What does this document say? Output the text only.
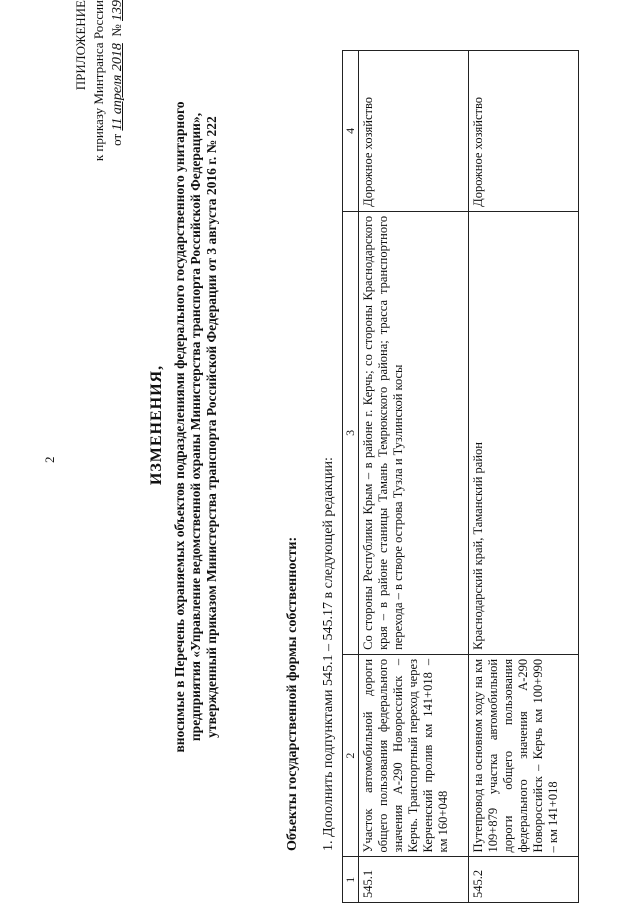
2
ПРИЛОЖЕНИЕ к приказу Минтранса России от 11 апреля 2018  № 139
ИЗМЕНЕНИЯ, вносимые в Перечень охраняемых объектов подразделениями федерального государственного унитарного предприятия «Управление ведомственной охраны Министерства транспорта Российской Федерации», утвержденный приказом Министерства транспорта Российской Федерации от 3 августа 2016 г. № 222	Объекты государственной формы собственности: 1. Дополнить подпунктами 545.1 – 545.17 в следующей редакции:
1	2	3	4
545.1	Участок автомобильной дороги общего пользования федерального значения А-290 Новороссийск – Керчь. Транспортный переход через Керченский пролив км 141+018 – км 160+048	Со стороны Республики Крым – в районе г. Керчь; со стороны Краснодарского края – в районе станицы Тамань Темрюкского района; трасса транспортного перехода – в створе острова Тузла и Тузлинской косы	Дорожное хозяйство
545.2	Путепровод на основном ходу на км 109+879 участка автомобильной дороги общего пользования федерального значения А-290 Новороссийск – Керчь км 100+990 – км 141+018	Краснодарский край, Таманский район	Дорожное хозяйство
